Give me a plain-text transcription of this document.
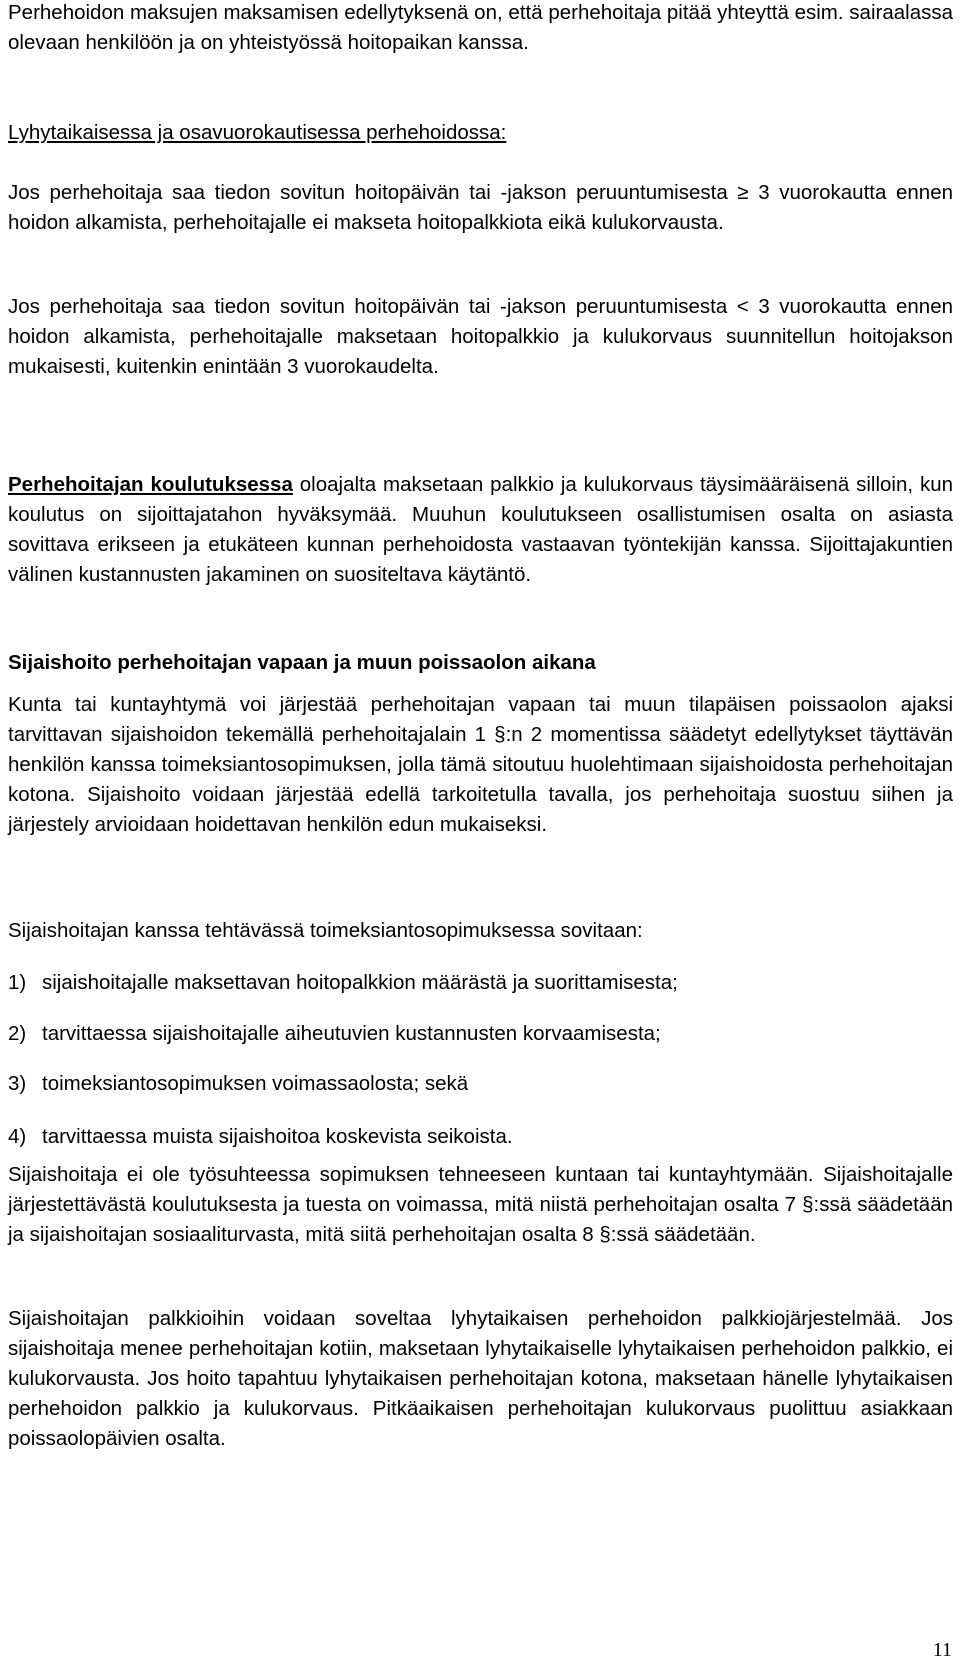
Perhehoidon maksujen maksamisen edellytyksenä on, että perhehoitaja pitää yhteyttä esim. sairaalassa olevaan henkilöön ja on yhteistyössä hoitopaikan kanssa.

Lyhytaikaisessa ja osavuorokautisessa perhehoidossa:

Jos perhehoitaja saa tiedon sovitun hoitopäivän tai -jakson peruuntumisesta ≥ 3 vuorokautta ennen hoidon alkamista, perhehoitajalle ei makseta hoitopalkkiota eikä kulukorvausta.

Jos perhehoitaja saa tiedon sovitun hoitopäivän tai -jakson peruuntumisesta < 3 vuorokautta ennen hoidon alkamista, perhehoitajalle maksetaan hoitopalkkio ja kulukorvaus suunnitellun hoitojakson mukaisesti, kuitenkin enintään 3 vuorokaudelta.

Perhehoitajan koulutuksessa oloajalta maksetaan palkkio ja kulukorvaus täysimääräisenä silloin, kun koulutus on sijoittajatahon hyväksymää. Muuhun koulutukseen osallistumisen osalta on asiasta sovittava erikseen ja etukäteen kunnan perhehoidosta vastaavan työntekijän kanssa. Sijoittajakuntien välinen kustannusten jakaminen on suositeltava käytäntö.

Sijaishoito perhehoitajan vapaan ja muun poissaolon aikana

Kunta tai kuntayhtymä voi järjestää perhehoitajan vapaan tai muun tilapäisen poissaolon ajaksi tarvittavan sijaishoidon tekemällä perhehoitajalain 1 §:n 2 momentissa säädetyt edellytykset täyttävän henkilön kanssa toimeksiantosopimuksen, jolla tämä sitoutuu huolehtimaan sijaishoidosta perhehoitajan kotona. Sijaishoito voidaan järjestää edellä tarkoitetulla tavalla, jos perhehoitaja suostuu siihen ja järjestely arvioidaan hoidettavan henkilön edun mukaiseksi.

Sijaishoitajan kanssa tehtävässä toimeksiantosopimuksessa sovitaan:

1) sijaishoitajalle maksettavan hoitopalkkion määrästä ja suorittamisesta;

2) tarvittaessa sijaishoitajalle aiheutuvien kustannusten korvaamisesta;

3) toimeksiantosopimuksen voimassaolosta; sekä

4) tarvittaessa muista sijaishoitoa koskevista seikoista.

Sijaishoitaja ei ole työsuhteessa sopimuksen tehneeseen kuntaan tai kuntayhtymään. Sijaishoitajalle järjestettävästä koulutuksesta ja tuesta on voimassa, mitä niistä perhehoitajan osalta 7 §:ssä säädetään ja sijaishoitajan sosiaaliturvasta, mitä siitä perhehoitajan osalta 8 §:ssä säädetään.

Sijaishoitajan palkkioihin voidaan soveltaa lyhytaikaisen perhehoidon palkkiojärjestelmää. Jos sijaishoitaja menee perhehoitajan kotiin, maksetaan lyhytaikaiselle lyhytaikaisen perhehoidon palkkio, ei kulukorvausta. Jos hoito tapahtuu lyhytaikaisen perhehoitajan kotona, maksetaan hänelle lyhytaikaisen perhehoidon palkkio ja kulukorvaus. Pitkäaikaisen perhehoitajan kulukorvaus puolittuu asiakkaan poissaolopäivien osalta.

11
